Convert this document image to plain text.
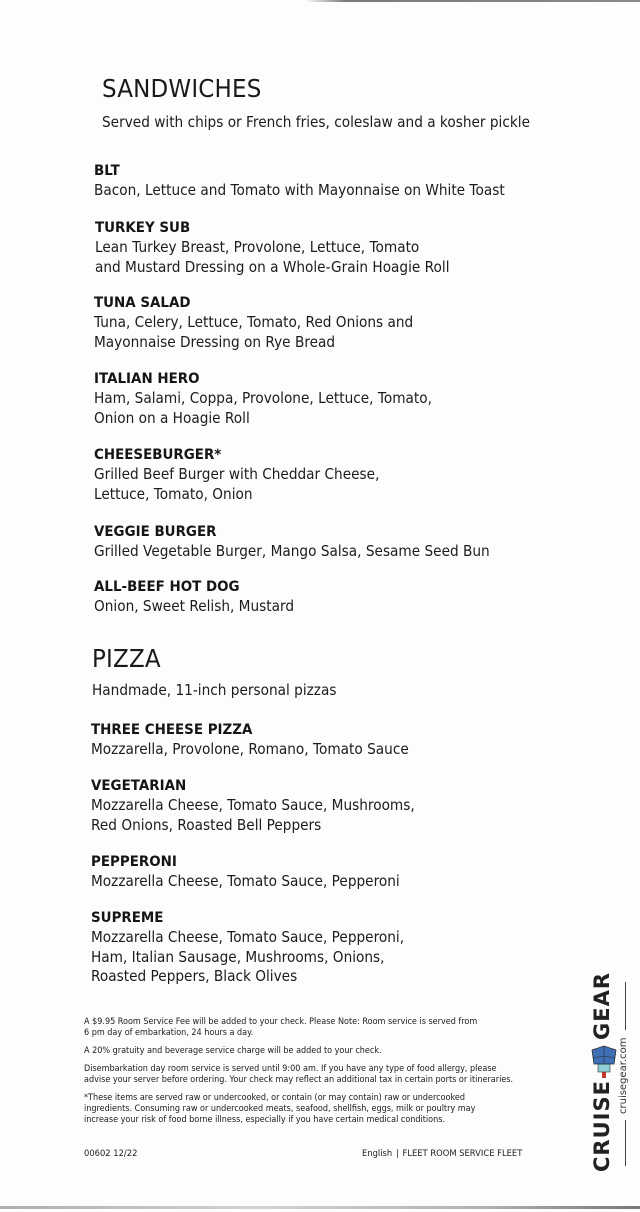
SANDWICHES

Served with chips or French fries, coleslaw and a kosher pickle

BLT
Bacon, Lettuce and Tomato with Mayonnaise on White Toast
TURKEY SUB
Lean Turkey Breast, Provolone, Lettuce, Tomato
and Mustard Dressing on a Whole-Grain Hoagie Roll
TUNA SALAD
Tuna, Celery, Lettuce, Tomato, Red Onions and
Mayonnaise Dressing on Rye Bread
ITALIAN HERO
Ham, Salami, Coppa, Provolone, Lettuce, Tomato,
Onion on a Hoagie Roll
CHEESEBURGER*
Grilled Beef Burger with Cheddar Cheese,
Lettuce, Tomato, Onion
VEGGIE BURGER
Grilled Vegetable Burger, Mango Salsa, Sesame Seed Bun
ALL-BEEF HOT DOG
Onion, Sweet Relish, Mustard
PIZZA

Handmade, 11-inch personal pizzas

THREE CHEESE PIZZA
Mozzarella, Provolone, Romano, Tomato Sauce
VEGETARIAN
Mozzarella Cheese, Tomato Sauce, Mushrooms,
Red Onions, Roasted Bell Peppers
PEPPERONI
Mozzarella Cheese, Tomato Sauce, Pepperoni
SUPREME
Mozzarella Cheese, Tomato Sauce, Pepperoni,
Ham, Italian Sausage, Mushrooms, Onions,
Roasted Peppers, Black Olives
A $9.95 Room Service Fee will be added to your check. Please Note: Room service is served from
6 pm day of embarkation, 24 hours a day.
A 20% gratuity and beverage service charge will be added to your check.
Disembarkation day room service is served until 9:00 am. If you have any type of food allergy, please
advise your server before ordering. Your check may reflect an additional tax in certain ports or itineraries.
*These items are served raw or undercooked, or contain (or may contain) raw or undercooked
ingredients. Consuming raw or undercooked meats, seafood, shellfish, eggs, milk or poultry may
increase your risk of food borne illness, especially if you have certain medical conditions.
00602 12/22	English | FLEET ROOM SERVICE FLEET	CRUISE
GEAR
cruisegear.com
